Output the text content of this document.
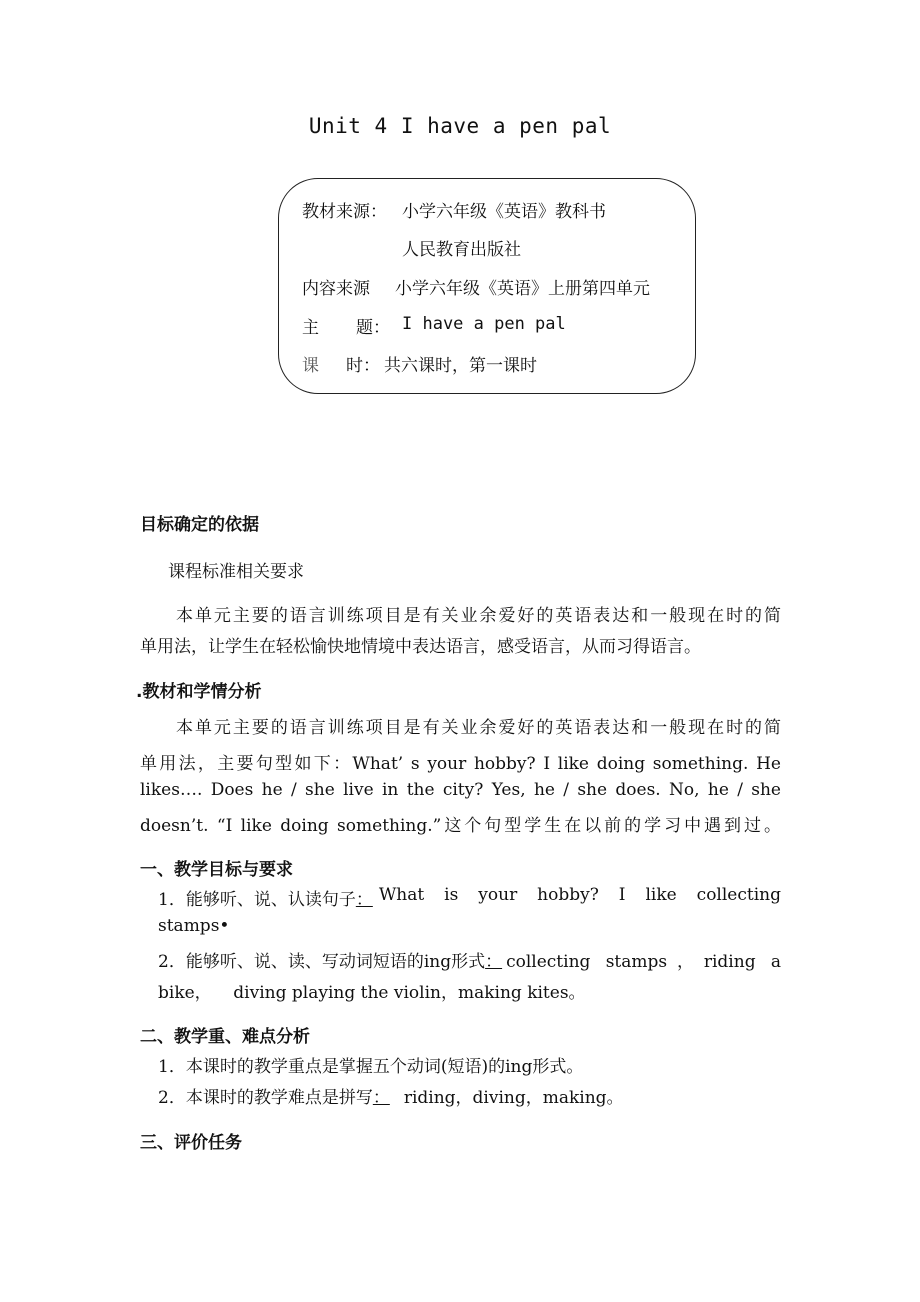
Unit 4 I have a pen pal
教材来源： 小学六年级《英语》教科书
人民教育出版社
内容来源 小学六年级《英语》上册第四单元
主 题： I have a pen pal
课 时： 共六课时，第一课时
目标确定的依据
课程标准相关要求
本单元主要的语言训练项目是有关业余爱好的英语表达和一般现在时的简
单用法，让学生在轻松愉快地情境中表达语言，感受语言，从而习得语言。
.教材和学情分析
本单元主要的语言训练项目是有关业余爱好的英语表达和一般现在时的简
单用法，主要句型如下：What’ s your hobby? I like doing something. He
likes…. Does he / she live in the city? Yes, he / she does. No, he / she
doesn’t. “I like doing something.”这个句型学生在以前的学习中遇到过。
一、教学目标与要求
1．能够听、说、认读句子 ： What is your hobby? I like collecting
stamps•
2．能够听、说、读、写动词短语的ing形式 ： collecting stamps，riding a
bike，    diving playing the violin，making kites。
二、教学重、难点分析
1．本课时的教学重点是掌握五个动词(短语)的ing形式。
2．本课时的教学难点是拼写： riding，diving，making。
三、评价任务
